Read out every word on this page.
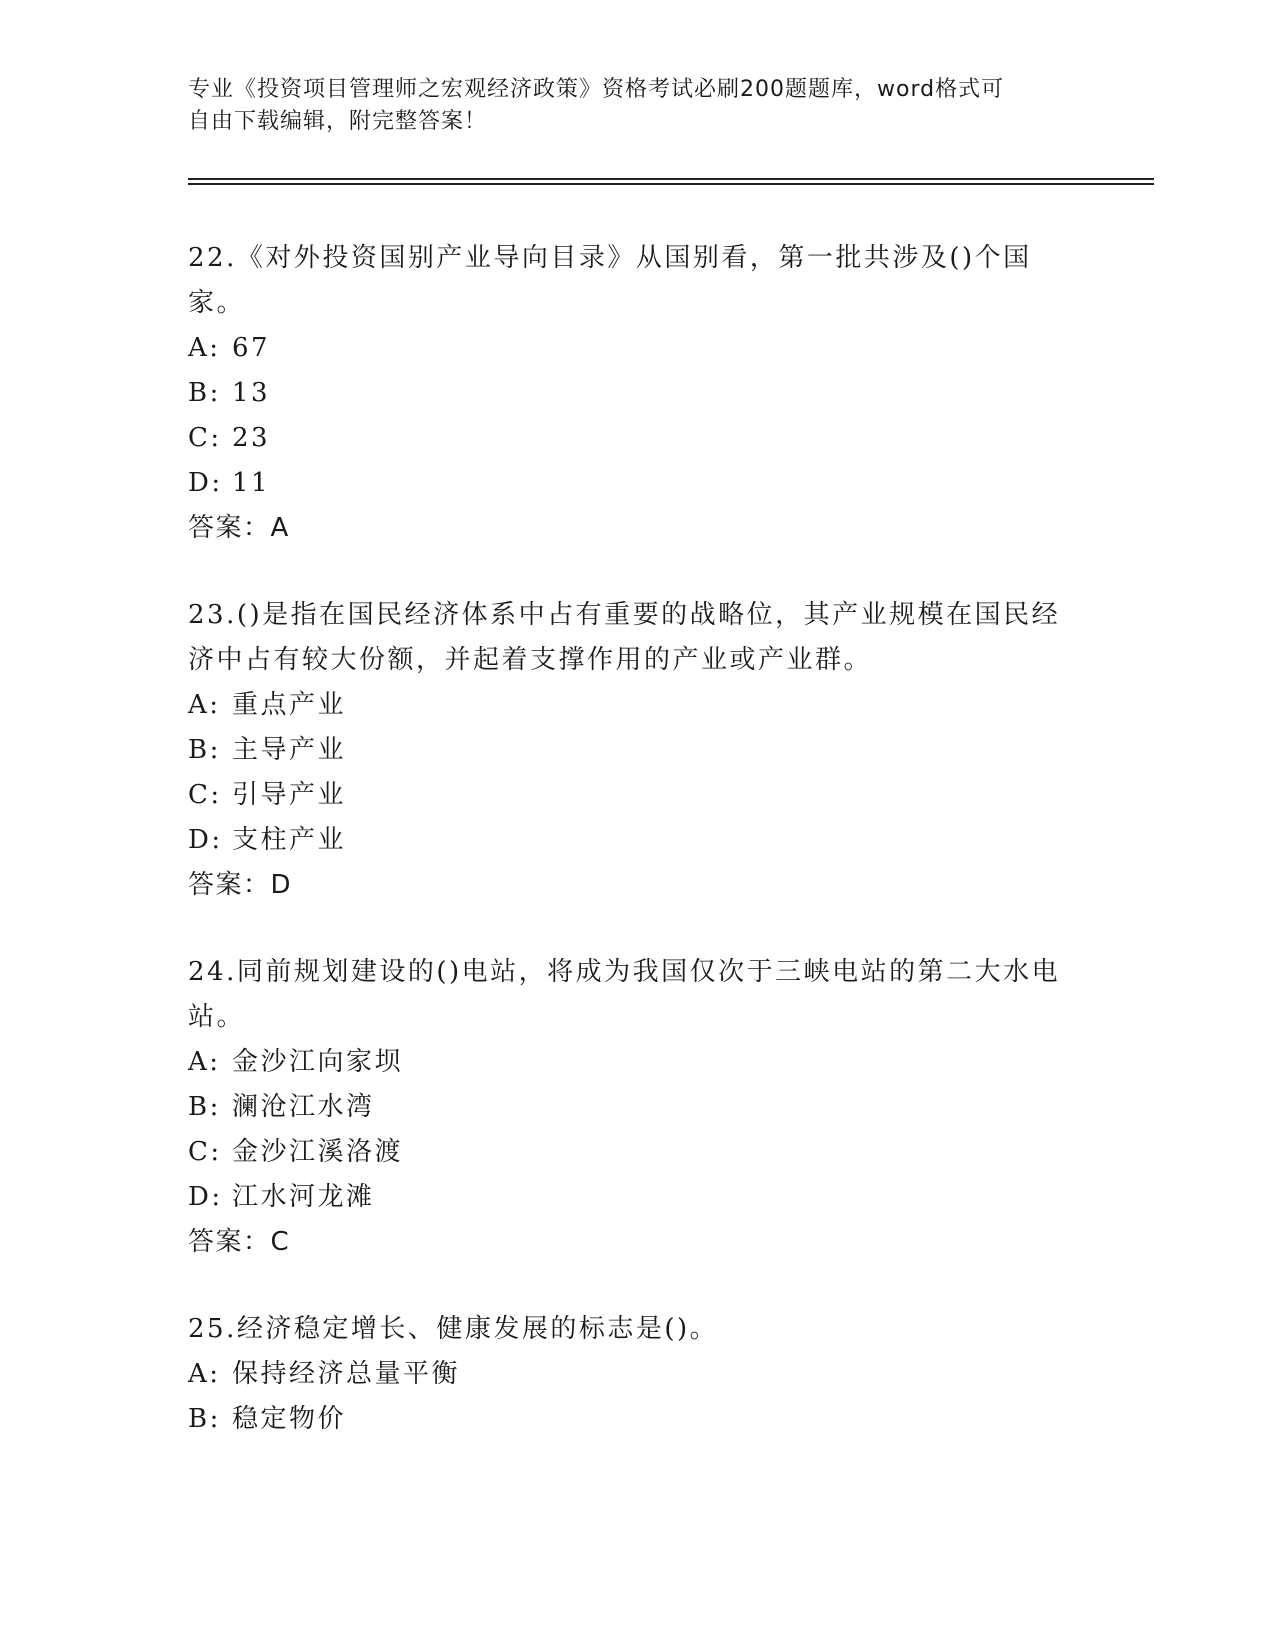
专业《投资项目管理师之宏观经济政策》资格考试必刷200题题库，word格式可
自由下载编辑，附完整答案！

22.《对外投资国别产业导向目录》从国别看，第一批共涉及()个国家。

A: 67
B: 13
C: 23
D: 11
答案：A

23.()是指在国民经济体系中占有重要的战略位，其产业规模在国民经济中占有较大份额，并起着支撑作用的产业或产业群。

A: 重点产业
B: 主导产业
C: 引导产业
D: 支柱产业
答案：D

24.同前规划建设的()电站，将成为我国仅次于三峡电站的第二大水电站。

A: 金沙江向家坝
B: 澜沧江水湾
C: 金沙江溪洛渡
D: 江水河龙滩
答案：C

25.经济稳定增长、健康发展的标志是()。

A: 保持经济总量平衡
B: 稳定物价
